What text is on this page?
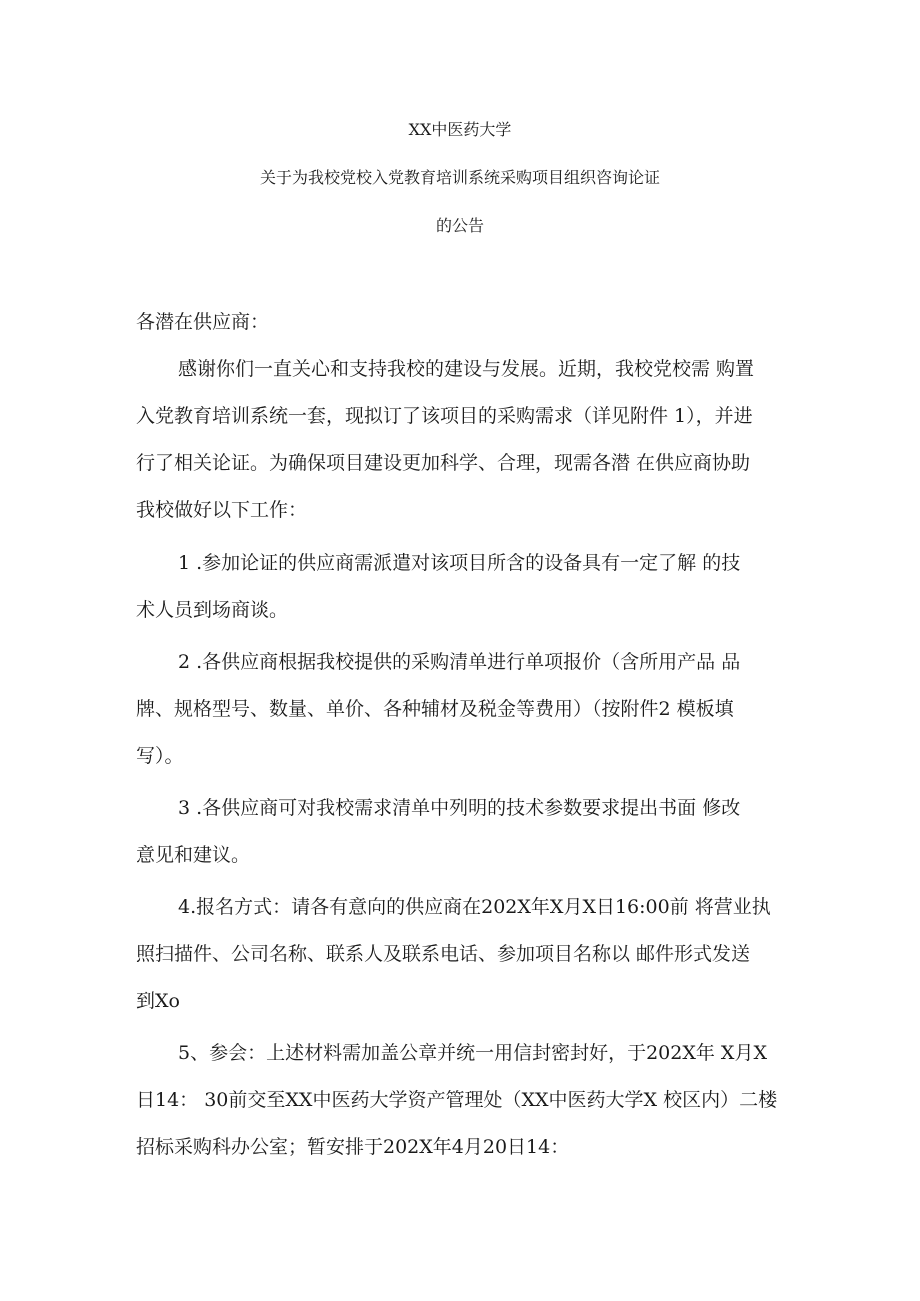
XX中医药大学
关于为我校党校入党教育培训系统采购项目组织咨询论证
的公告
各潜在供应商：
感谢你们一直关心和支持我校的建设与发展。近期，我校党校需 购置
入党教育培训系统一套，现拟订了该项目的采购需求（详见附件 1），并进
行了相关论证。为确保项目建设更加科学、合理，现需各潜 在供应商协助
我校做好以下工作：
1 .参加论证的供应商需派遣对该项目所含的设备具有一定了解 的技
术人员到场商谈。
2 .各供应商根据我校提供的采购清单进行单项报价（含所用产品 品
牌、规格型号、数量、单价、各种辅材及税金等费用）（按附件2 模板填
写）。
3 .各供应商可对我校需求清单中列明的技术参数要求提出书面 修改
意见和建议。
4.报名方式：请各有意向的供应商在202X年X月X日16:00前 将营业执
照扫描件、公司名称、联系人及联系电话、参加项目名称以 邮件形式发送
到Xo
5、参会：上述材料需加盖公章并统一用信封密封好，于202X年 X月X
日14： 30前交至XX中医药大学资产管理处（XX中医药大学X 校区内）二楼
招标采购科办公室；暂安排于202X年4月20日14：
